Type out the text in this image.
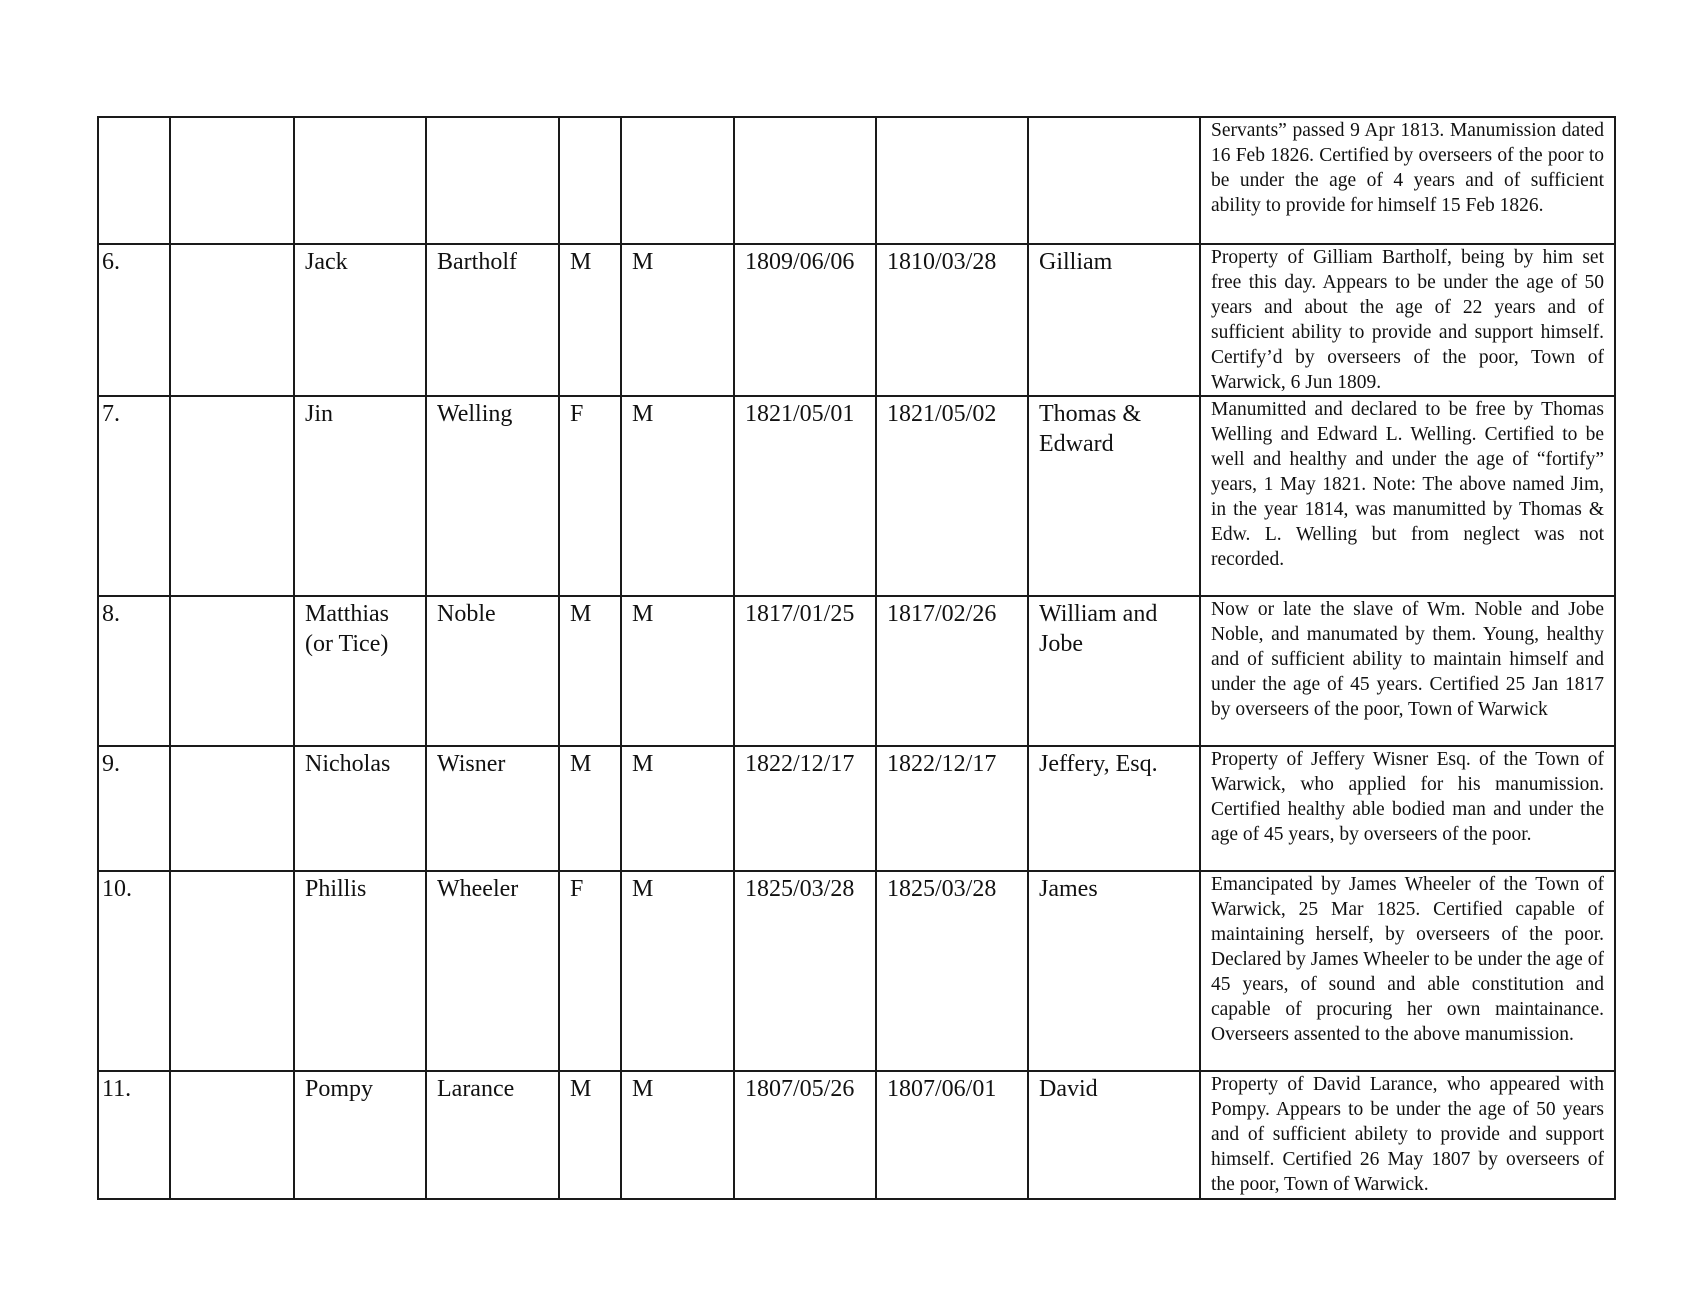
									Servants” passed 9 Apr 1813. Manumission dated 16 Feb 1826. Certified by overseers of the poor to be under the age of 4 years and of sufficient ability to provide for himself 15 Feb 1826.
6.		Jack	Bartholf	M	M	1809/06/06	1810/03/28	Gilliam	Property of Gilliam Bartholf, being by him set free this day. Appears to be under the age of 50 years and about the age of 22 years and of sufficient ability to provide and support himself. Certify’d by overseers of the poor, Town of Warwick, 6 Jun 1809.
7.		Jin	Welling	F	M	1821/05/01	1821/05/02	Thomas & Edward	Manumitted and declared to be free by Thomas Welling and Edward L. Welling. Certified to be well and healthy and under the age of “fortify” years, 1 May 1821. Note: The above named Jim, in the year 1814, was manumitted by Thomas & Edw. L. Welling but from neglect was not recorded.
8.		Matthias (or Tice)	Noble	M	M	1817/01/25	1817/02/26	William and Jobe	Now or late the slave of Wm. Noble and Jobe Noble, and manumated by them. Young, healthy and of sufficient ability to maintain himself and under the age of 45 years. Certified 25 Jan 1817 by overseers of the poor, Town of Warwick
9.		Nicholas	Wisner	M	M	1822/12/17	1822/12/17	Jeffery, Esq.	Property of Jeffery Wisner Esq. of the Town of Warwick, who applied for his manumission. Certified healthy able bodied man and under the age of 45 years, by overseers of the poor.
10.		Phillis	Wheeler	F	M	1825/03/28	1825/03/28	James	Emancipated by James Wheeler of the Town of Warwick, 25 Mar 1825. Certified capable of maintaining herself, by overseers of the poor. Declared by James Wheeler to be under the age of 45 years, of sound and able constitution and capable of procuring her own maintainance. Overseers assented to the above manumission.
11.		Pompy	Larance	M	M	1807/05/26	1807/06/01	David	Property of David Larance, who appeared with Pompy. Appears to be under the age of 50 years and of sufficient abilety to provide and support himself. Certified 26 May 1807 by overseers of the poor, Town of Warwick.
